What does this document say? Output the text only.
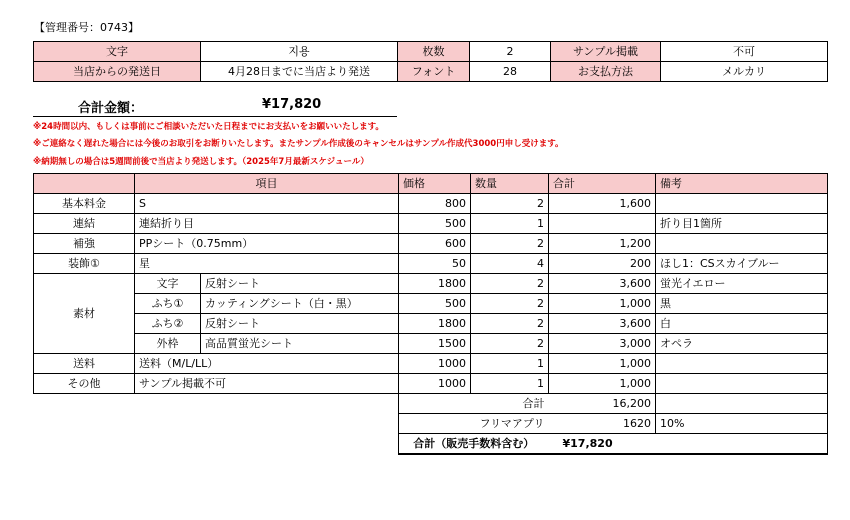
【管理番号：0743】
文字	지용	枚数	2	サンプル掲載	不可
当店からの発送日	4月28日までに当店より発送	フォント	28	お支払方法	メルカリ
合計金額：	¥17,820
※24時間以内、もしくは事前にご相談いただいた日程までにお支払いをお願いいたします。
※ご連絡なく遅れた場合には今後のお取引をお断りいたします。またサンプル作成後のキャンセルはサンプル作成代3000円申し受けます。
※納期無しの場合は5週間前後で当店より発送します。（2025年7月最新スケジュール）
	項目		価格	数量	合計	備考
基本料金	S		800	2	1,600	
連結	連結折り目		500	1		折り目1箇所
補強	PPシート（0.75mm）		600	2	1,200	
装飾①	星		50	4	200	ほし1：CSスカイブルー
素材	文字	反射シート	1800	2	3,600	蛍光イエロー
	ふち①	カッティングシート（白・黒）	500	2	1,000	黒
	ふち②	反射シート	1800	2	3,600	白
	外枠	高品質蛍光シート	1500	2	3,000	オペラ
送料	送料（M/L/LL）		1000	1	1,000	
その他	サンプル掲載不可		1000	1	1,000	
			合計		16,200	
			フリマアプリ		1620	10%
			合計（販売手数料含む）		¥17,820	
